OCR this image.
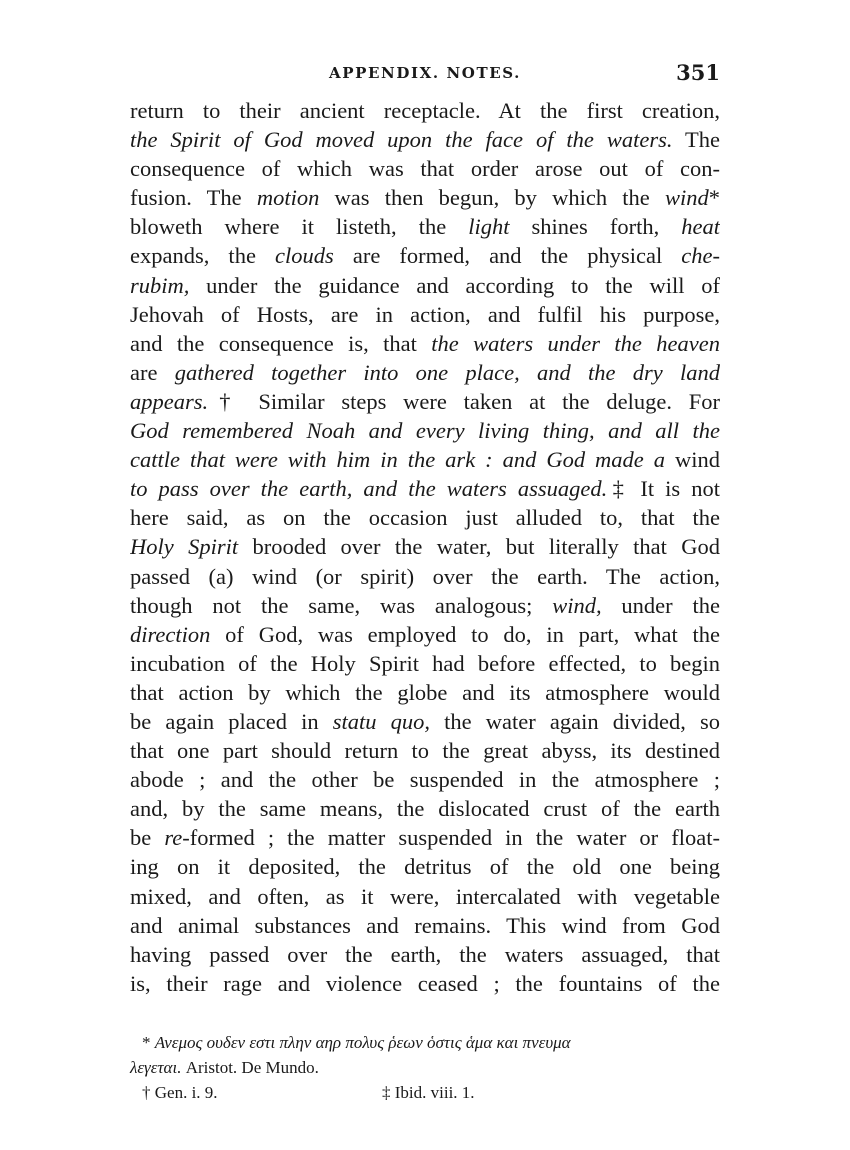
APPENDIX. NOTES.	351
return to their ancient receptacle. At the first creation,
the Spirit of God moved upon the face of the waters. The
consequence of which was that order arose out of con-
fusion. The motion was then begun, by which the wind*
bloweth where it listeth, the light shines forth, heat
expands, the clouds are formed, and the physical che-
rubim, under the guidance and according to the will of
Jehovah of Hosts, are in action, and fulfil his purpose,
and the consequence is, that the waters under the heaven
are gathered together into one place, and the dry land
appears.† Similar steps were taken at the deluge. For
God remembered Noah and every living thing, and all the
cattle that were with him in the ark : and God made a wind
to pass over the earth, and the waters assuaged.‡ It is not
here said, as on the occasion just alluded to, that the
Holy Spirit brooded over the water, but literally that God
passed (a) wind (or spirit) over the earth. The action,
though not the same, was analogous; wind, under the
direction of God, was employed to do, in part, what the
incubation of the Holy Spirit had before effected, to begin
that action by which the globe and its atmosphere would
be again placed in statu quo, the water again divided, so
that one part should return to the great abyss, its destined
abode ; and the other be suspended in the atmosphere ;
and, by the same means, the dislocated crust of the earth
be re-formed ; the matter suspended in the water or float-
ing on it deposited, the detritus of the old one being
mixed, and often, as it were, intercalated with vegetable
and animal substances and remains. This wind from God
having passed over the earth, the waters assuaged, that
is, their rage and violence ceased ; the fountains of the
* Ανεμος ουδεν εστι πλην αηρ πολυς ῥεων ὁστις ἁμα και πνευμα
λεγεται. Aristot. De Mundo.
† Gen. i. 9.	‡ Ibid. viii. 1.
